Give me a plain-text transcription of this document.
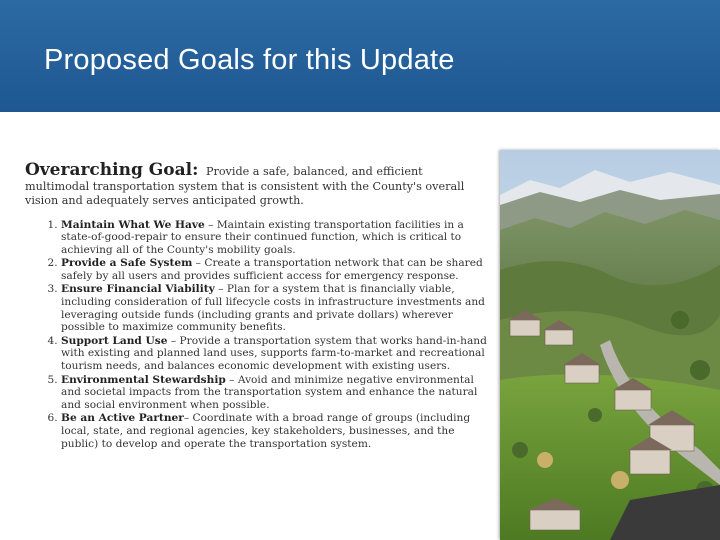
Proposed Goals for this Update

Overarching Goal: Provide a safe, balanced, and efficient multimodal transportation system that is consistent with the County's overall vision and adequately serves anticipated growth.

1. Maintain What We Have – Maintain existing transportation facilities in a state-of-good-repair to ensure their continued function, which is critical to achieving all of the County's mobility goals.
2. Provide a Safe System – Create a transportation network that can be shared safely by all users and provides sufficient access for emergency response.
3. Ensure Financial Viability – Plan for a system that is financially viable, including consideration of full lifecycle costs in infrastructure investments and leveraging outside funds (including grants and private dollars) wherever possible to maximize community benefits.
4. Support Land Use – Provide a transportation system that works hand-in-hand with existing and planned land uses, supports farm-to-market and recreational tourism needs, and balances economic development with existing users.
5. Environmental Stewardship – Avoid and minimize negative environmental and societal impacts from the transportation system and enhance the natural and social environment when possible.
6. Be an Active Partner– Coordinate with a broad range of groups (including local, state, and regional agencies, key stakeholders, businesses, and the public) to develop and operate the transportation system.
